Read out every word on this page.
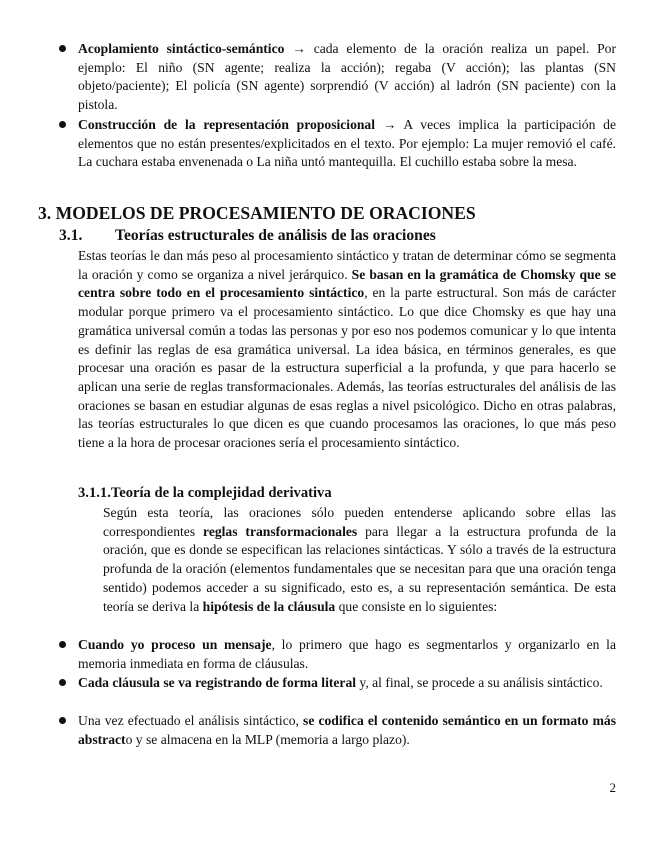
Acoplamiento sintáctico-semántico → cada elemento de la oración realiza un papel. Por ejemplo: El niño (SN agente; realiza la acción); regaba (V acción); las plantas (SN objeto/paciente); El policía (SN agente) sorprendió (V acción) al ladrón (SN paciente) con la pistola.

Construcción de la representación proposicional → A veces implica la participación de elementos que no están presentes/explicitados en el texto. Por ejemplo: La mujer removió el café. La cuchara estaba envenenada o La niña untó mantequilla. El cuchillo estaba sobre la mesa.

3. MODELOS DE PROCESAMIENTO DE ORACIONES
3.1. Teorías estructurales de análisis de las oraciones

Estas teorías le dan más peso al procesamiento sintáctico y tratan de determinar cómo se segmenta la oración y como se organiza a nivel jerárquico. Se basan en la gramática de Chomsky que se centra sobre todo en el procesamiento sintáctico, en la parte estructural. Son más de carácter modular porque primero va el procesamiento sintáctico. Lo que dice Chomsky es que hay una gramática universal común a todas las personas y por eso nos podemos comunicar y lo que intenta es definir las reglas de esa gramática universal. La idea básica, en términos generales, es que procesar una oración es pasar de la estructura superficial a la profunda, y que para hacerlo se aplican una serie de reglas transformacionales. Además, las teorías estructurales del análisis de las oraciones se basan en estudiar algunas de esas reglas a nivel psicológico. Dicho en otras palabras, las teorías estructurales lo que dicen es que cuando procesamos las oraciones, lo que más peso tiene a la hora de procesar oraciones sería el procesamiento sintáctico.

3.1.1.Teoría de la complejidad derivativa

Según esta teoría, las oraciones sólo pueden entenderse aplicando sobre ellas las correspondientes reglas transformacionales para llegar a la estructura profunda de la oración, que es donde se especifican las relaciones sintácticas. Y sólo a través de la estructura profunda de la oración (elementos fundamentales que se necesitan para que una oración tenga sentido) podemos acceder a su significado, esto es, a su representación semántica. De esta teoría se deriva la hipótesis de la cláusula que consiste en lo siguientes:

Cuando yo proceso un mensaje, lo primero que hago es segmentarlos y organizarlo en la memoria inmediata en forma de cláusulas.

Cada cláusula se va registrando de forma literal y, al final, se procede a su análisis sintáctico.

Una vez efectuado el análisis sintáctico, se codifica el contenido semántico en un formato más abstracto y se almacena en la MLP (memoria a largo plazo).

2
